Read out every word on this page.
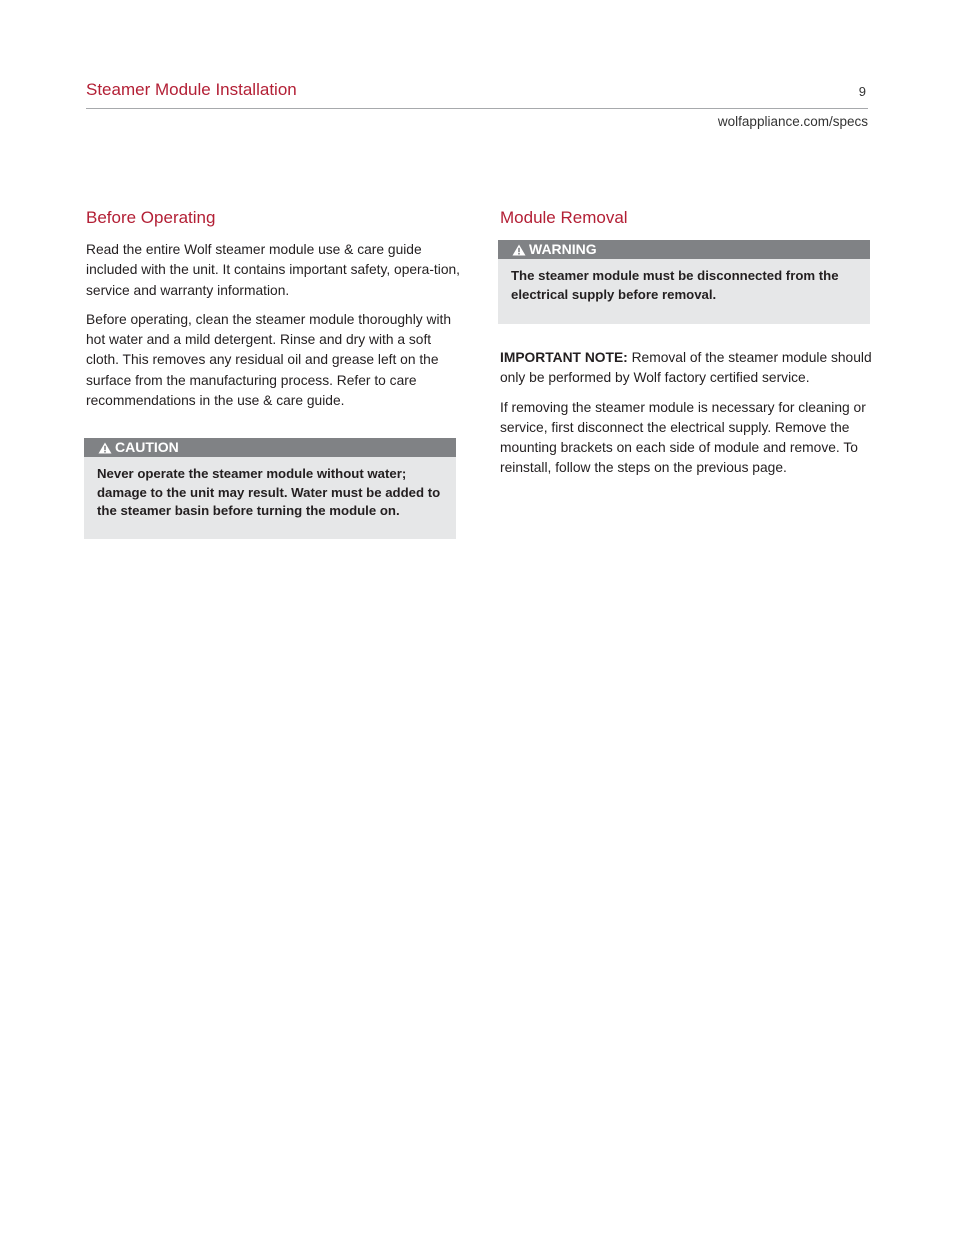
Steamer Module Installation	9
wolfappliance.com/specs
Before Operating

Read the entire Wolf steamer module use & care guide included with the unit. It contains important safety, opera-tion, service and warranty information.

Before operating, clean the steamer module thoroughly with hot water and a mild detergent. Rinse and dry with a soft cloth. This removes any residual oil and grease left on the surface from the manufacturing process. Refer to care recommendations in the use & care guide.

CAUTION
Never operate the steamer module without water; damage to the unit may result. Water must be added to the steamer basin before turning the module on.
Module Removal
WARNING
The steamer module must be disconnected from the electrical supply before removal.

IMPORTANT NOTE: Removal of the steamer module should only be performed by Wolf factory certified service.

If removing the steamer module is necessary for cleaning or service, first disconnect the electrical supply. Remove the mounting brackets on each side of module and remove. To reinstall, follow the steps on the previous page.
